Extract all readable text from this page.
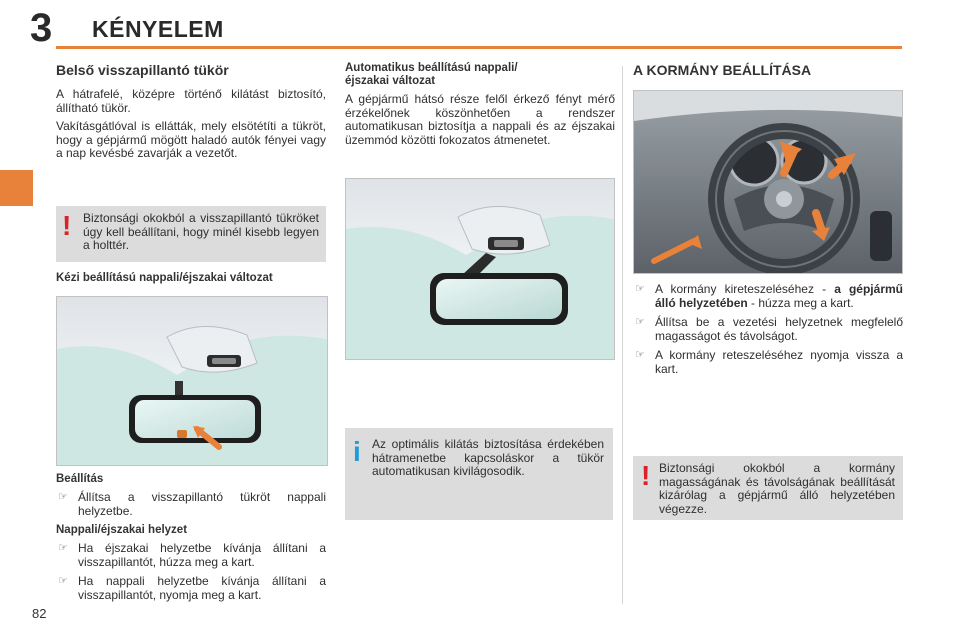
3 KÉNYELEM
Belső visszapillantó tükör

A hátrafelé, középre történő kilátást biztosító, állítható tükör.

Vakításgátlóval is ellátták, mely elsötétíti a tükröt, hogy a gépjármű mögött haladó autók fényei vagy a nap kevésbé zavarják a vezetőt.

! Biztonsági okokból a visszapillantó tükröket úgy kell beállítani, hogy minél kisebb legyen a holttér.
Kézi beállítású nappali/éjszakai változat
Beállítás
☞ Állítsa a visszapillantó tükröt nappali helyzetbe.
Nappali/éjszakai helyzet
☞ Ha éjszakai helyzetbe kívánja állítani a visszapillantót, húzza meg a kart.
☞ Ha nappali helyzetbe kívánja állítani a visszapillantót, nyomja meg a kart.
Automatikus beállítású nappali/
éjszakai változat

A gépjármű hátsó része felől érkező fényt mérő érzékelőnek köszönhetően a rendszer automatikusan biztosítja a nappali és az éjszakai üzemmód közötti fokozatos átmenetet.

i Az optimális kilátás biztosítása érdekében hátramenetbe kapcsoláskor a tükör automatikusan kivilágosodik.
A KORMÁNY BEÁLLÍTÁSA
☞ A kormány kireteszeléséhez - a gépjármű álló helyzetében - húzza meg a kart.
☞ Állítsa be a vezetési helyzetnek megfelelő magasságot és távolságot.
☞ A kormány reteszeléséhez nyomja vissza a kart.
! Biztonsági okokból a kormány magasságának és távolságának beállítását kizárólag a gépjármű álló helyzetében végezze.
82
